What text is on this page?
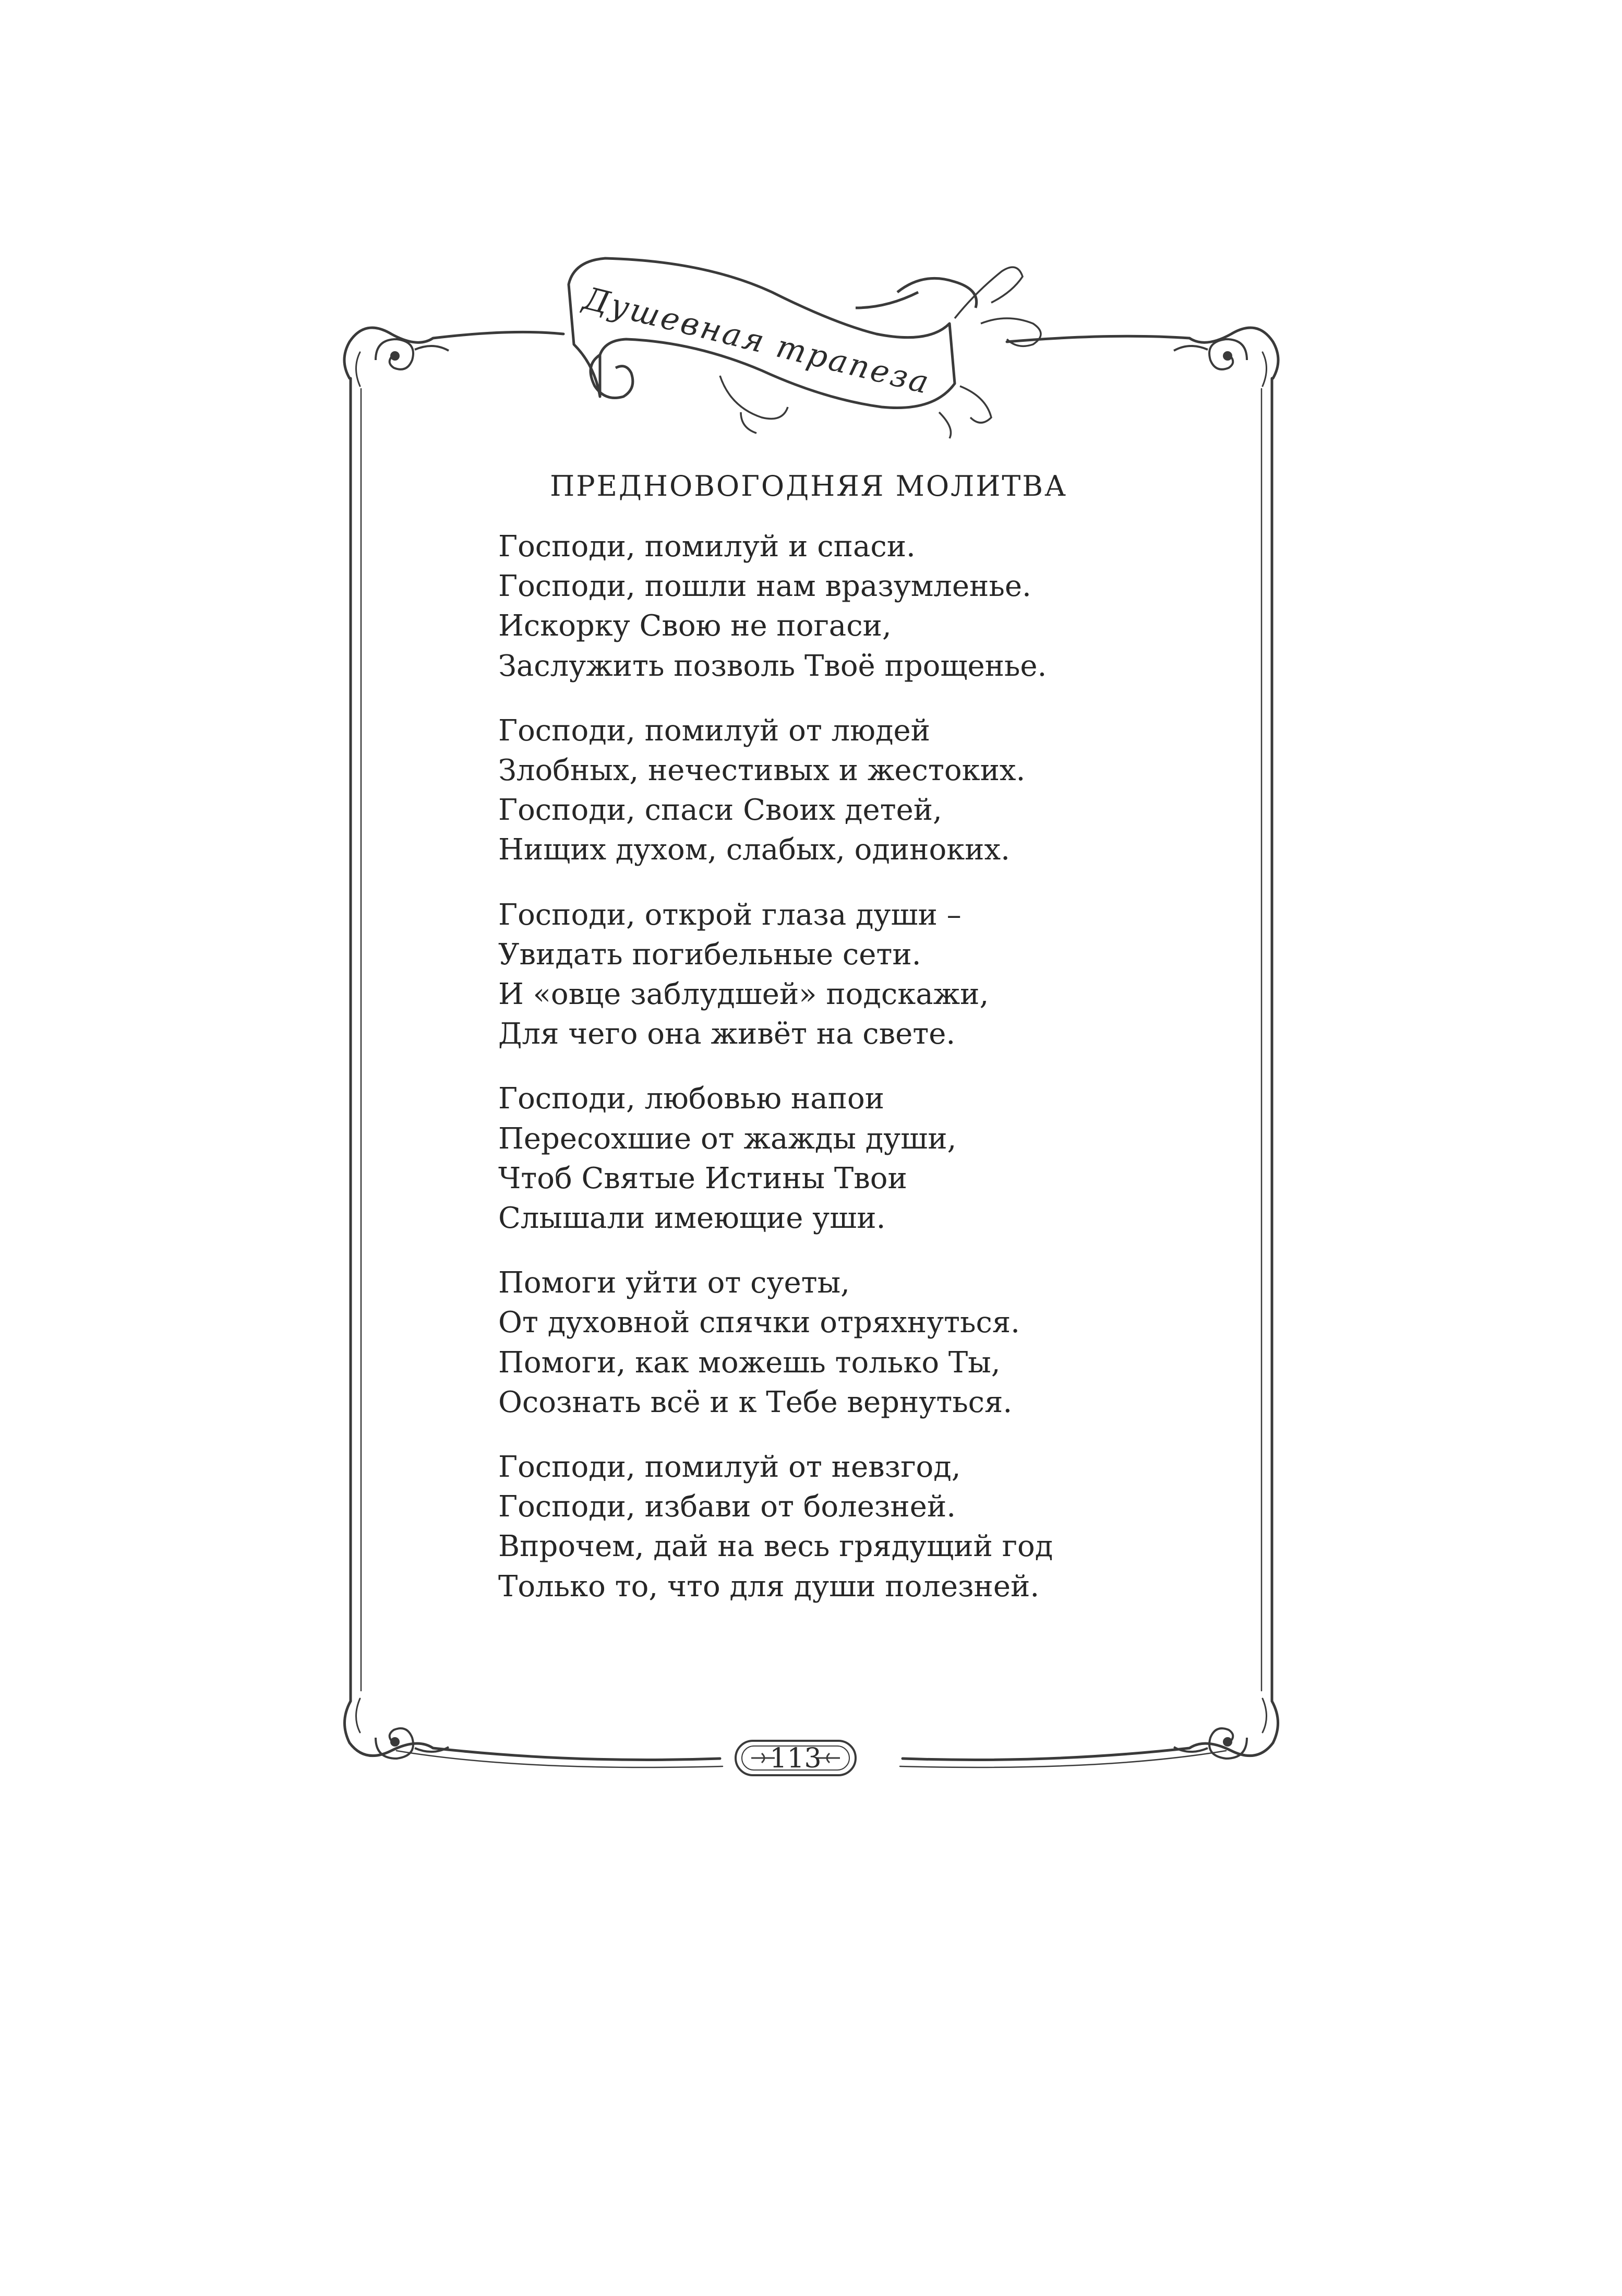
Душевная трапеза
113
ПРЕДНОВОГОДНЯЯ МОЛИТВА
Господи, помилуй и спаси.
Господи, пошли нам вразумленье.
Искорку Свою не погаси,
Заслужить позволь Твоё прощенье.
Господи, помилуй от людей
Злобных, нечестивых и жестоких.
Господи, спаси Своих детей,
Нищих духом, слабых, одиноких.
Господи, открой глаза души –
Увидать погибельные сети.
И «овце заблудшей» подскажи,
Для чего она живёт на свете.
Господи, любовью напои
Пересохшие от жажды души,
Чтоб Святые Истины Твои
Слышали имеющие уши.
Помоги уйти от суеты,
От духовной спячки отряхнуться.
Помоги, как можешь только Ты,
Осознать всё и к Тебе вернуться.
Господи, помилуй от невзгод,
Господи, избави от болезней.
Впрочем, дай на весь грядущий год
Только то, что для души полезней.
